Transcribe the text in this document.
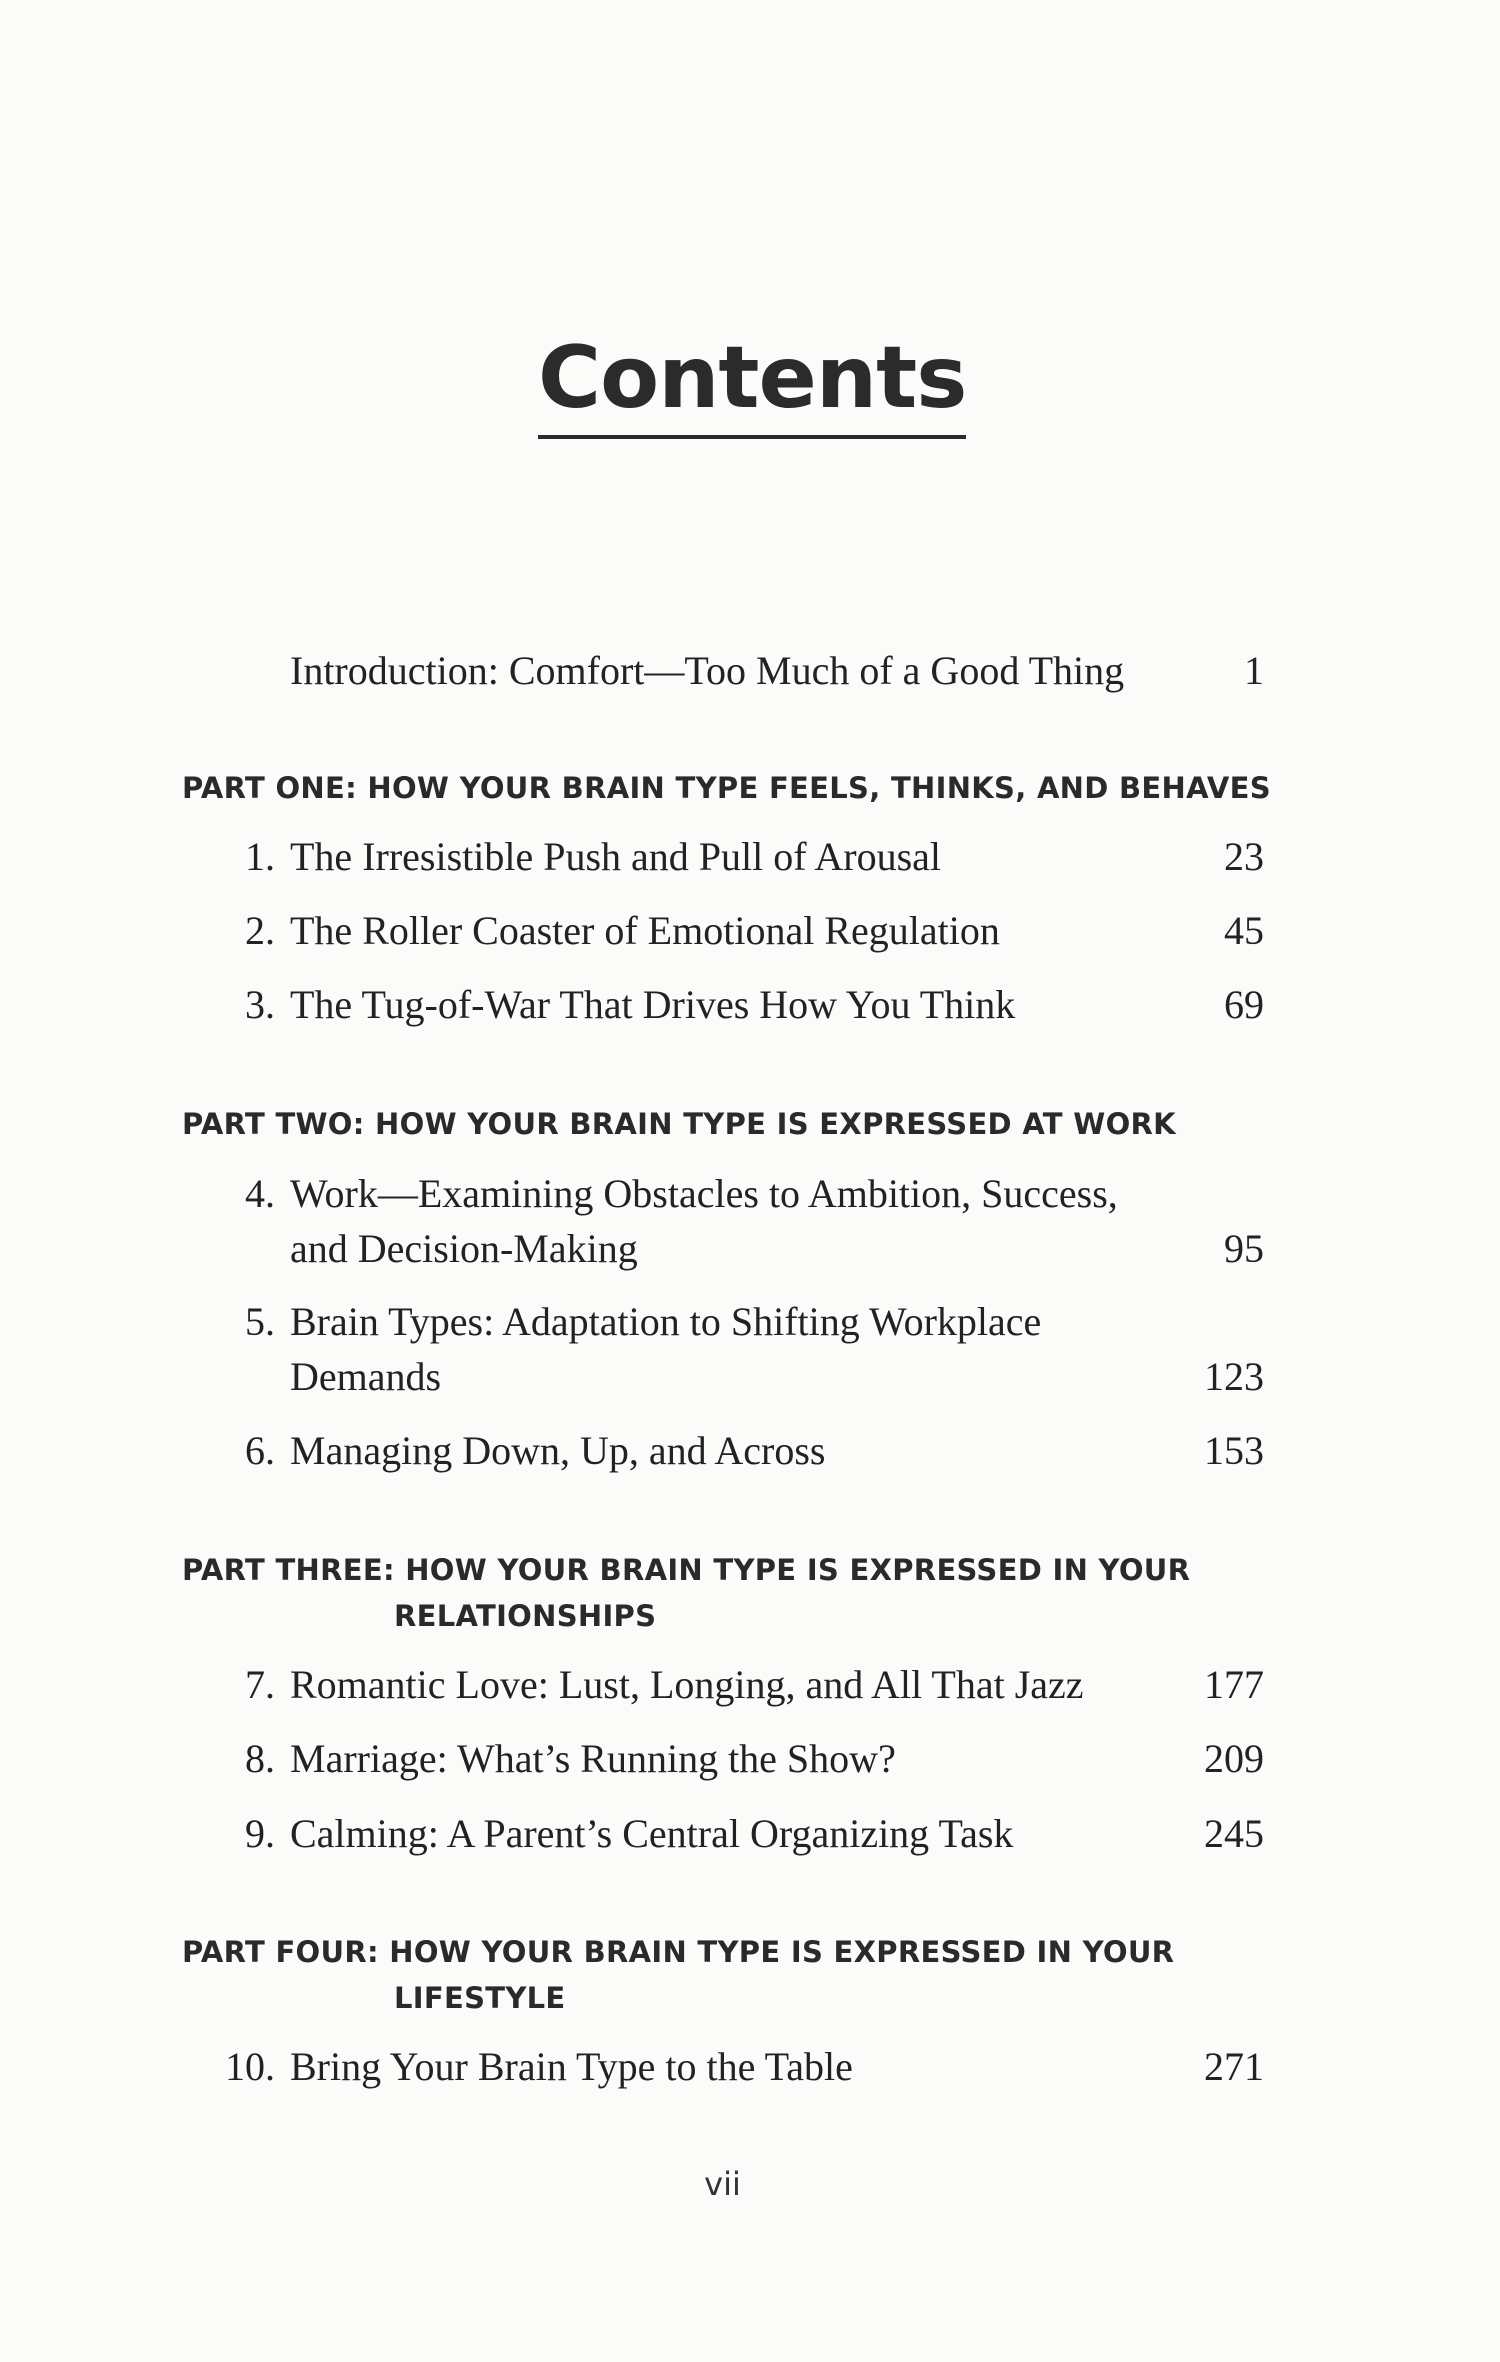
Contents
Introduction: Comfort—Too Much of a Good Thing	1
PART ONE: HOW YOUR BRAIN TYPE FEELS, THINKS, AND BEHAVES
1. The Irresistible Push and Pull of Arousal	23
2. The Roller Coaster of Emotional Regulation	45
3. The Tug-of-War That Drives How You Think	69
PART TWO: HOW YOUR BRAIN TYPE IS EXPRESSED AT WORK
4. Work—Examining Obstacles to Ambition, Success,
and Decision-Making	95
5. Brain Types: Adaptation to Shifting Workplace
Demands	123
6. Managing Down, Up, and Across	153
PART THREE: HOW YOUR BRAIN TYPE IS EXPRESSED IN YOUR
RELATIONSHIPS
7. Romantic Love: Lust, Longing, and All That Jazz	177
8. Marriage: What’s Running the Show?	209
9. Calming: A Parent’s Central Organizing Task	245
PART FOUR: HOW YOUR BRAIN TYPE IS EXPRESSED IN YOUR
LIFESTYLE
10. Bring Your Brain Type to the Table	271
vii
